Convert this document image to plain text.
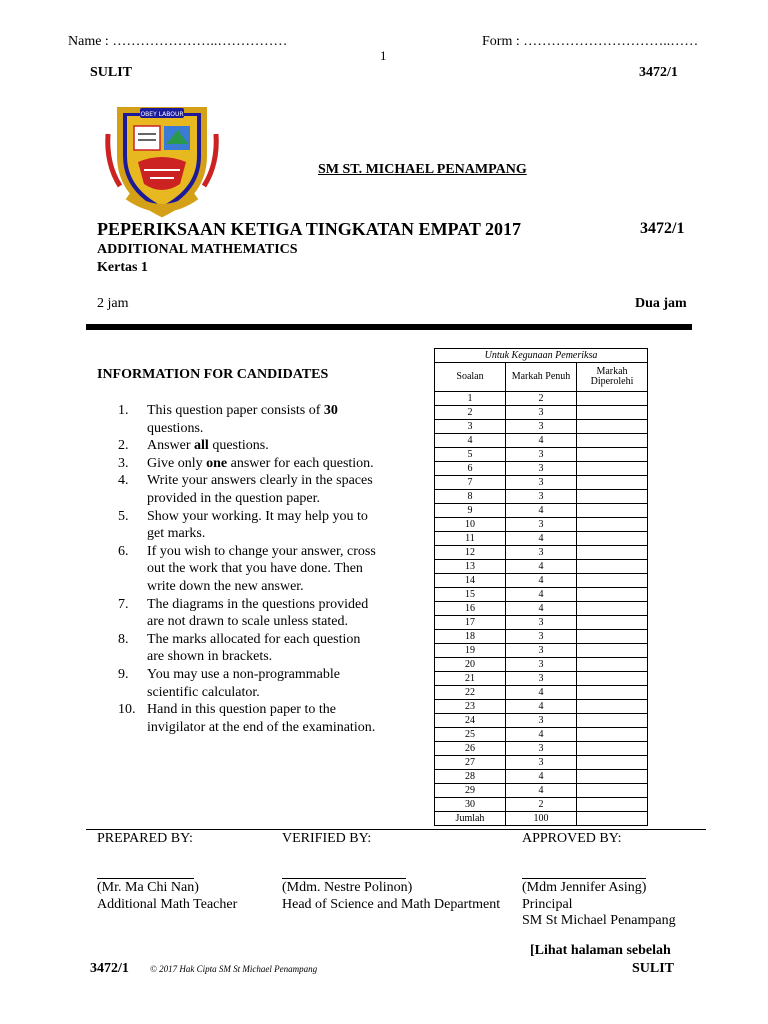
Name : …………………..……………	Form : …………………………..……
1
SULIT	3472/1
OBEY LABOUR
SM ST. MICHAEL PENAMPANG
PEPERIKSAAN KETIGA TINGKATAN EMPAT 2017	3472/1
ADDITIONAL MATHEMATICS
Kertas 1
2 jam	Dua jam
INFORMATION FOR CANDIDATES
1. This question paper consists of 30 questions.
2. Answer all questions.
3. Give only one answer for each question.
4. Write your answers clearly in the spaces provided in the question paper.
5. Show your working. It may help you to get marks.
6. If you wish to change your answer, cross out the work that you have done. Then write down the new answer.
7. The diagrams in the questions provided are not drawn to scale unless stated.
8. The marks allocated for each question are shown in brackets.
9. You may use a non-programmable scientific calculator.
10. Hand in this question paper to the invigilator at the end of the examination.
Untuk Kegunaan Pemeriksa		
Soalan	Markah Penuh	Markah Diperolehi
1	2	
2	3	
3	3	
4	4	
5	3	
6	3	
7	3	
8	3	
9	4	
10	3	
11	4	
12	3	
13	4	
14	4	
15	4	
16	4	
17	3	
18	3	
19	3	
20	3	
21	3	
22	4	
23	4	
24	3	
25	4	
26	3	
27	3	
28	4	
29	4	
30	2	
Jumlah	100	
PREPARED BY:	VERIFIED BY:	APPROVED BY:
(Mr. Ma Chi Nan)
Additional Math Teacher
(Mdm. Nestre Polinon)
Head of Science and Math Department
(Mdm Jennifer Asing)
Principal
SM St Michael Penampang
[Lihat halaman sebelah
3472/1 © 2017 Hak Cipta SM St Michael Penampang	SULIT
